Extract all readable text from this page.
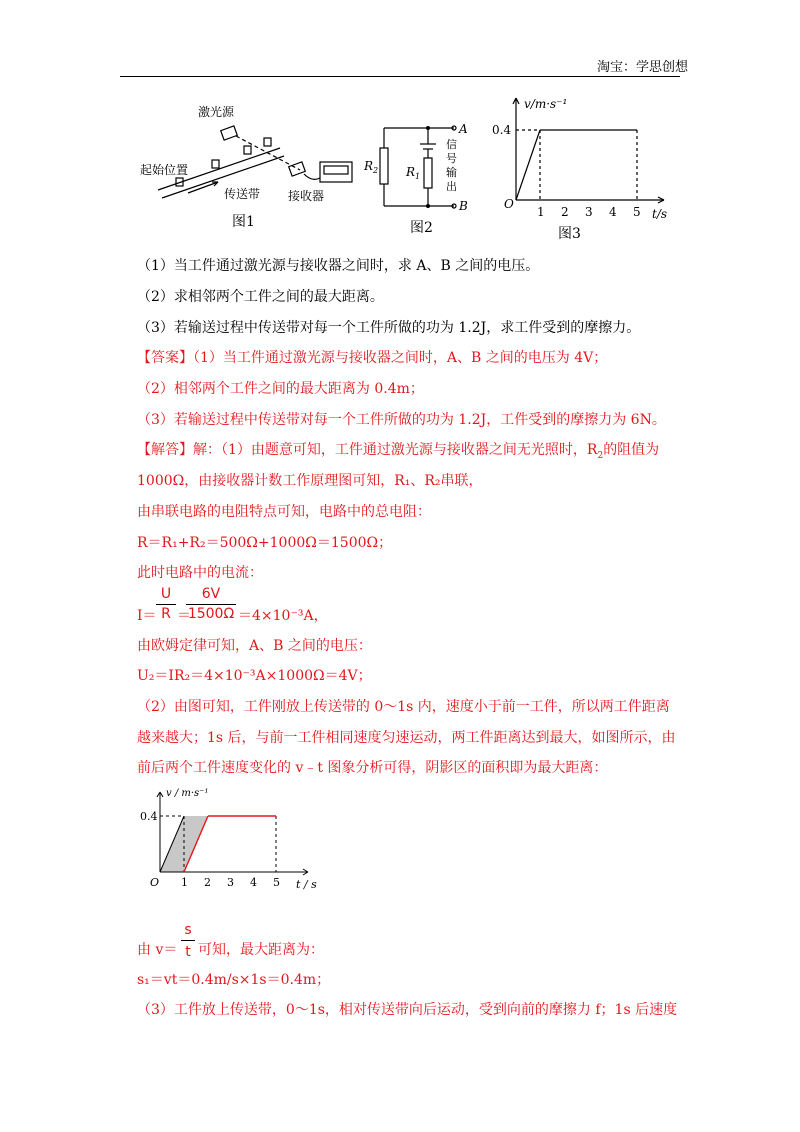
淘宝：学思创想
激光源
起始位置
传送带 接收器
图1
$R_2$ $R_1$
A
B
信
号
输
出
图2
v/m·s⁻¹
t/s
0.4
O
1 2 3 4 5
图3
（1）当工件通过激光源与接收器之间时，求 A、B 之间的电压。
（2）求相邻两个工件之间的最大距离。
（3）若输送过程中传送带对每一个工件所做的功为 1.2J，求工件受到的摩擦力。
【答案】（1）当工件通过激光源与接收器之间时，A、B 之间的电压为 4V；
（2）相邻两个工件之间的最大距离为 0.4m；
（3）若输送过程中传送带对每一个工件所做的功为 1.2J，工件受到的摩擦力为 6N。
【解答】解：（1）由题意可知，工件通过激光源与接收器之间无光照时，$R_2$的阻值为
1000Ω，由接收器计数工作原理图可知，R₁、R₂串联，
由串联电路的电阻特点可知，电路中的总电阻：
R＝R₁+R₂＝500Ω+1000Ω＝1500Ω；
此时电路中的电流：
I＝
U
R ＝
6V
1500Ω ＝4×10⁻³A，
由欧姆定律可知，A、B 之间的电压：
U₂＝IR₂＝4×10⁻³A×1000Ω＝4V；
（2）由图可知，工件刚放上传送带的 0～1s 内，速度小于前一工件，所以两工件距离
越来越大；1s 后，与前一工件相同速度匀速运动，两工件距离达到最大，如图所示，由
前后两个工件速度变化的 v﹣t 图象分析可得，阴影区的面积即为最大距离：
v / m·s⁻¹
t / s
0.4
O 1 2 3 4 5
s
t
由 v＝ 可知，最大距离为：
s₁＝vt＝0.4m/s×1s＝0.4m；
（3）工件放上传送带，0～1s，相对传送带向后运动，受到向前的摩擦力 f；1s 后速度
